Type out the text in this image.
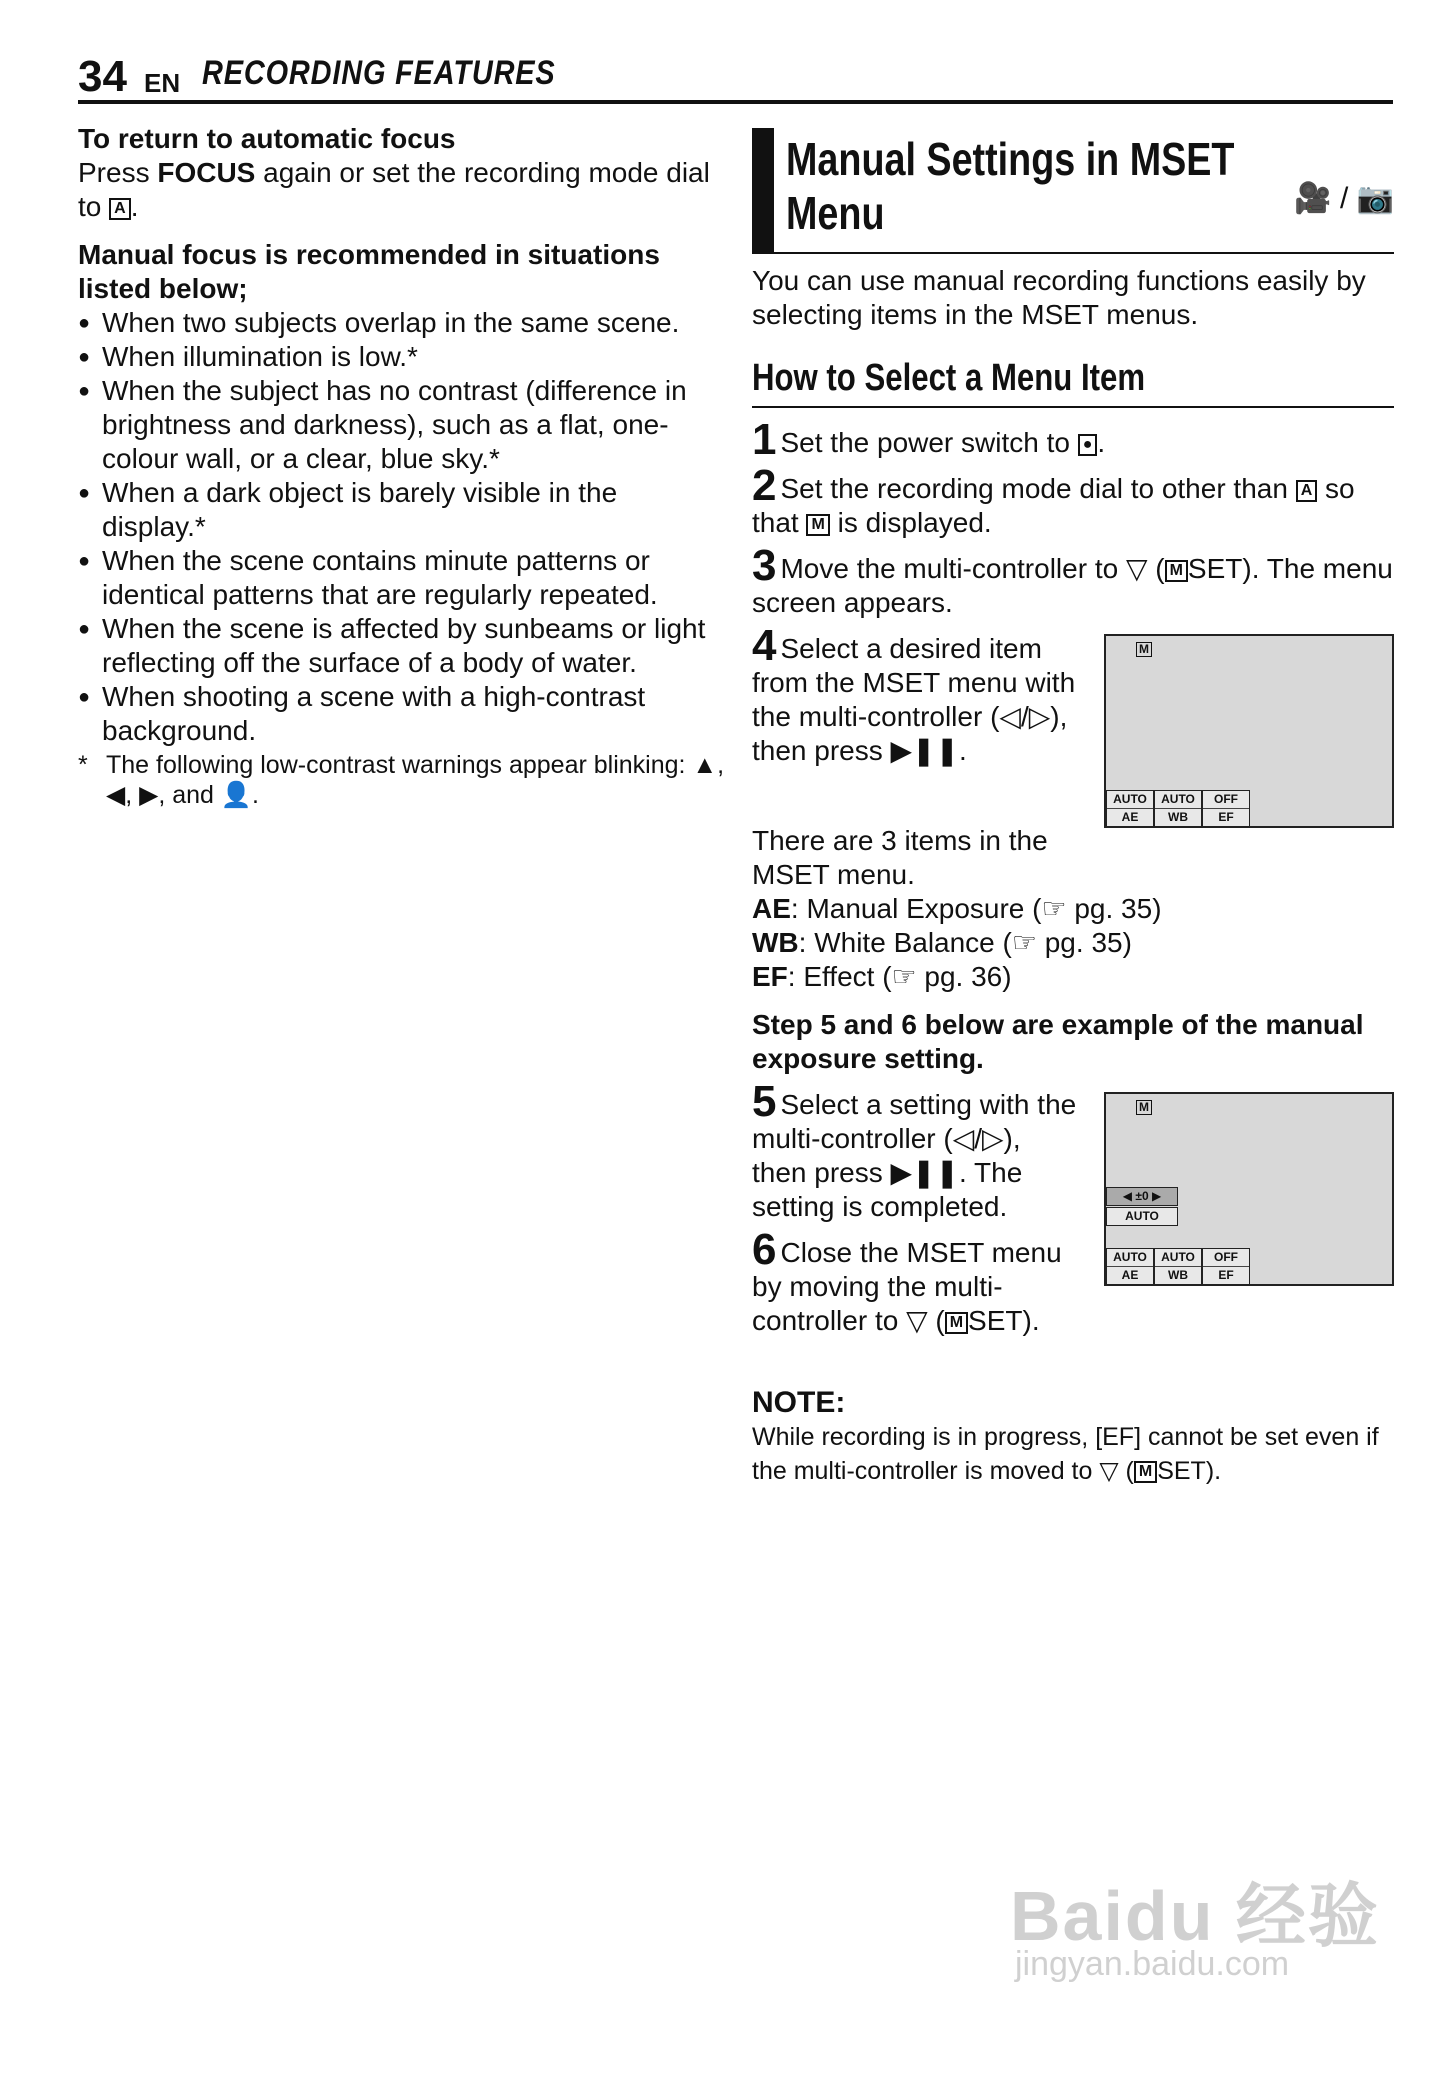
34 EN RECORDING FEATURES

To return to automatic focus

Press FOCUS again or set the recording mode dial to A .

Manual focus is recommended in situations listed below;

● When two subjects overlap in the same scene.
● When illumination is low.*
● When the subject has no contrast (difference in brightness and darkness), such as a flat, one-colour wall, or a clear, blue sky.*
● When a dark object is barely visible in the display.*
● When the scene contains minute patterns or identical patterns that are regularly repeated.
● When the scene is affected by sunbeams or light reflecting off the surface of a body of water.
● When shooting a scene with a high-contrast background.
* The following low-contrast warnings appear blinking: ▲, ◀, ▶, and 👤.
Manual Settings in MSET
Menu	🎥 / 📷

You can use manual recording functions easily by selecting items in the MSET menus.

How to Select a Menu Item
1 Set the power switch to ● .
2 Set the recording mode dial to other than A so that M is displayed.
3 Move the multi-controller to ▽ ( M SET). The menu screen appears.
4 Select a desired item from the MSET menu with the multi-controller (◁/▷), then press ▶❚❚.
M
AUTO
AE
AUTO
WB
OFF
EF

There are 3 items in the MSET menu.

AE: Manual Exposure (☞ pg. 35)

WB: White Balance (☞ pg. 35)

EF: Effect (☞ pg. 36)

Step 5 and 6 below are example of the manual exposure setting.

5 Select a setting with the multi-controller (◁/▷), then press ▶❚❚. The setting is completed.
6 Close the MSET menu by moving the multi-controller to ▽ ( M SET).
M
◀ ±0 ▶
AUTO
AUTO
AE
AUTO
WB
OFF
EF
NOTE:

While recording is in progress, [EF] cannot be set even if the multi-controller is moved to ▽ ( M SET).

Baidu 经验
jingyan.baidu.com
